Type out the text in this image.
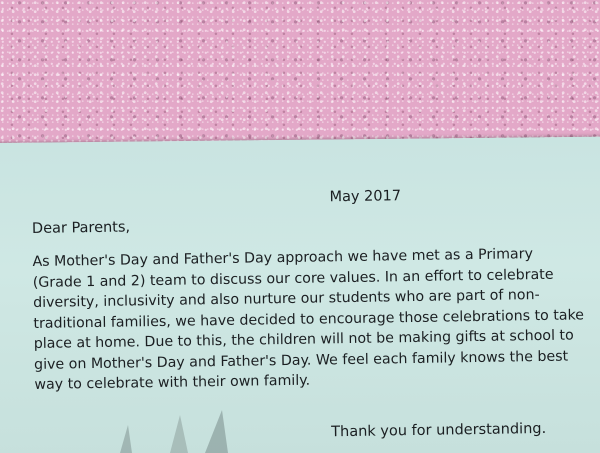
May 2017
Dear Parents,

As Mother's Day and Father's Day approach we have met as a Primary
(Grade 1 and 2) team to discuss our core values. In an effort to celebrate
diversity, inclusivity and also nurture our students who are part of non-
traditional families, we have decided to encourage those celebrations to take
place at home. Due to this, the children will not be making gifts at school to
give on Mother's Day and Father's Day. We feel each family knows the best
way to celebrate with their own family.

Thank you for understanding.
